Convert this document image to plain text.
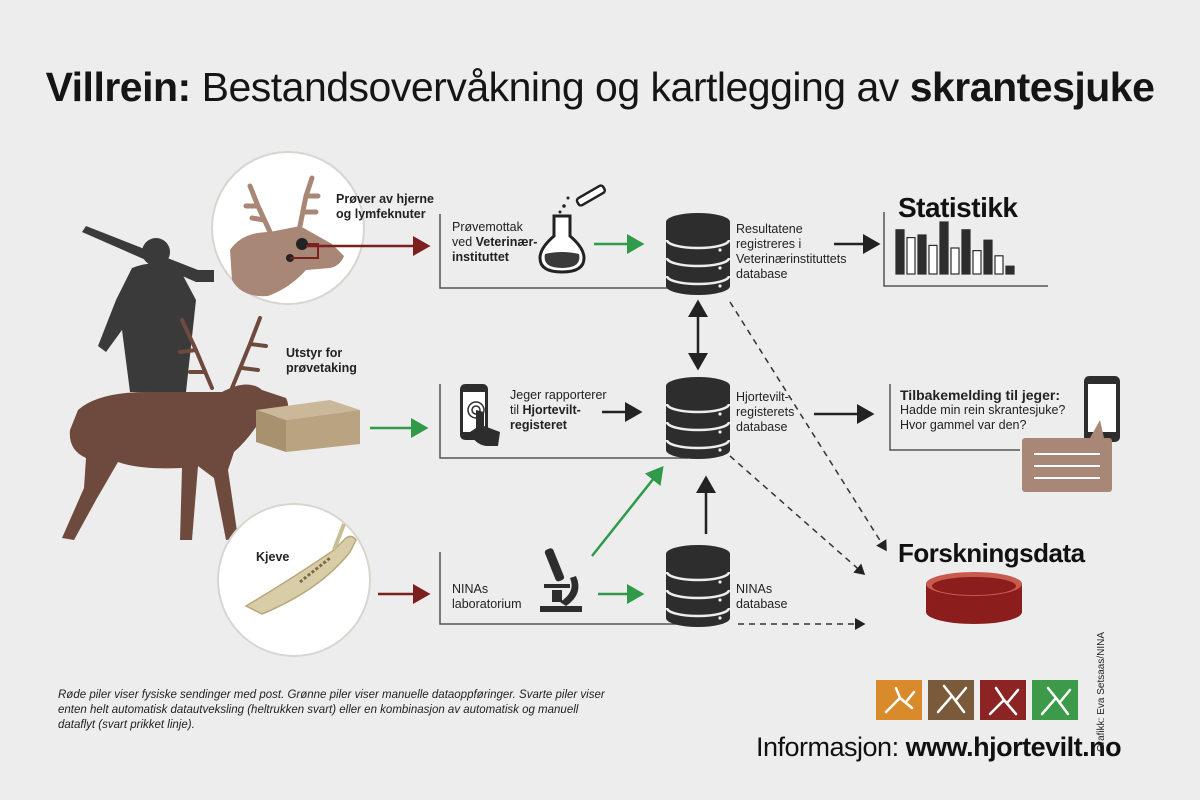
Villrein: Bestandsovervåkning og kartlegging av skrantesjuke
Prøver av hjerne
og lymfeknuter
Utstyr for
prøvetaking
Kjeve
Prøvemottak
ved Veterinær-
instituttet
Resultatene
registreres i
Veterinærinstituttets
database
Jeger rapporterer
til Hjortevilt-
registeret
Hjortevilt-
registerets
database
NINAs
laboratorium
NINAs
database
Statistikk
Tilbakemelding til jeger:
Hadde min rein skrantesjuke?
Hvor gammel var den?
Forskningsdata
Røde piler viser fysiske sendinger med post. Grønne piler viser manuelle dataoppføringer. Svarte piler viser enten helt automatisk datautveksling (heltrukken svart) eller en kombinasjon av automatisk og manuell dataflyt (svart prikket linje).
Informasjon: www.hjortevilt.no
Grafikk: Eva Setsaas/NINA
